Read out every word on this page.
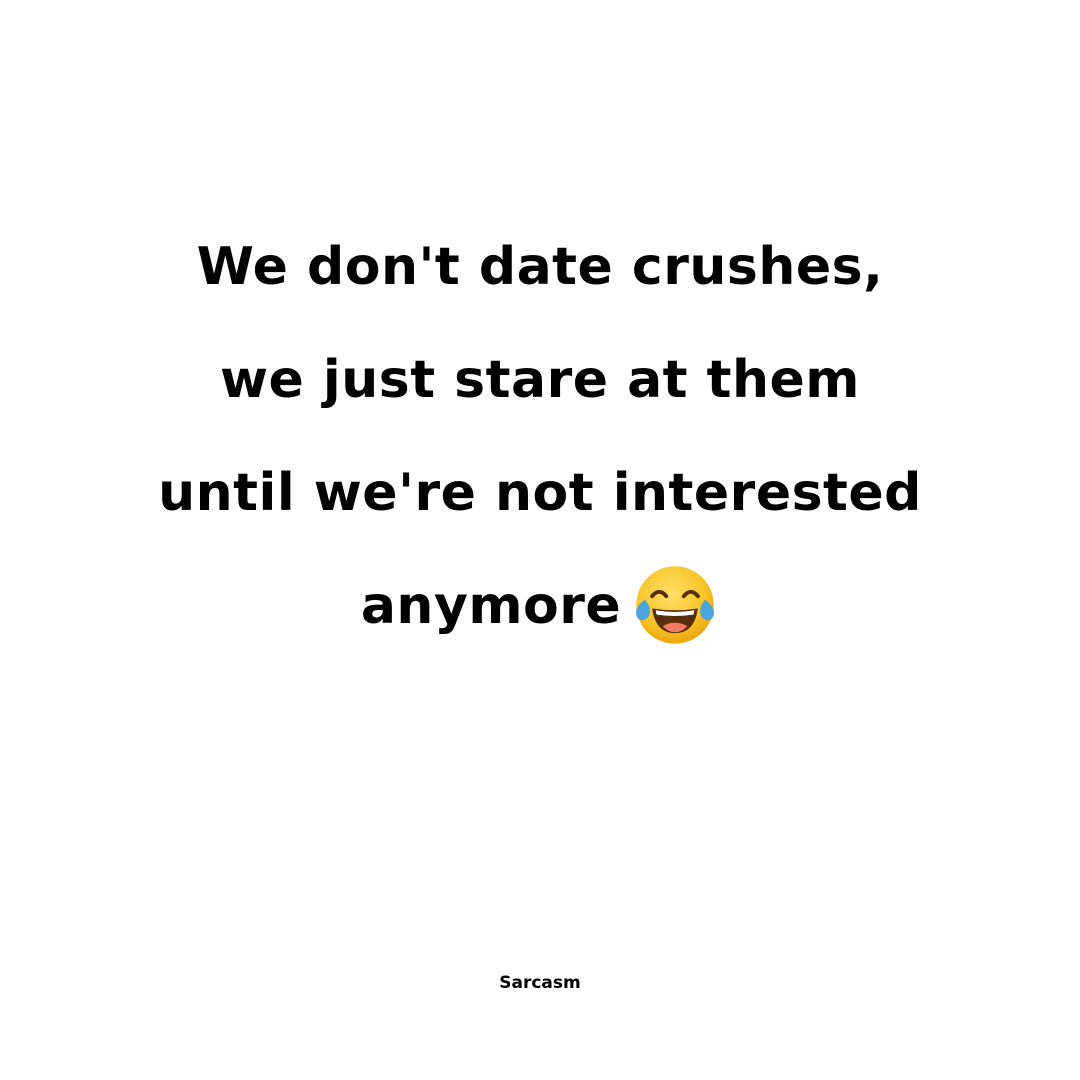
We don't date crushes,
we just stare at them
until we're not interested
anymore
Sarcasm
